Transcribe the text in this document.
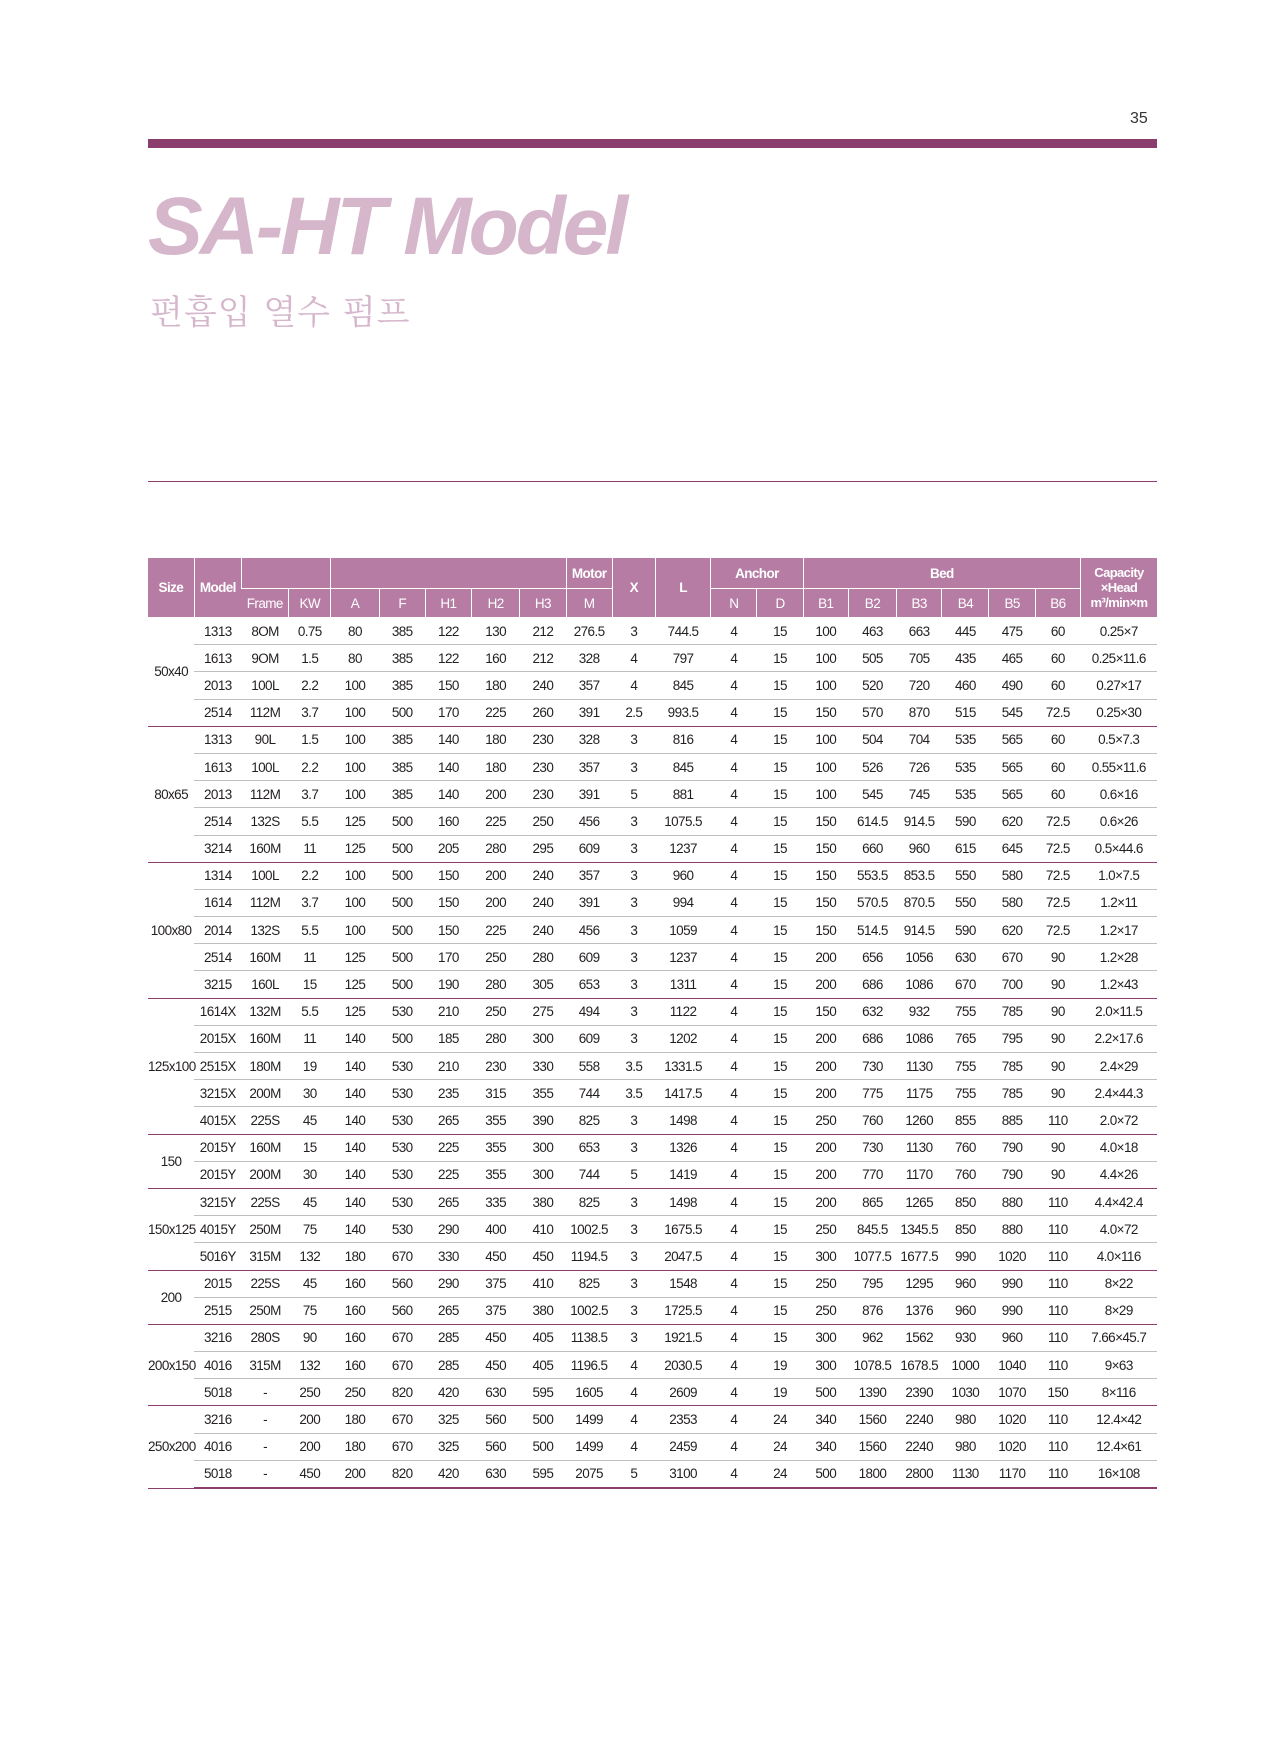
35
SA-HT Model
편흡입 열수 펌프
Size	Model								Motor	X	L	Anchor		Bed						Capacity
×Head
m³/min×m

		Frame	KW	A	F	H1	H2	H3	M			N	D	B1	B2	B3	B4	B5	B6	
50x40	1313	8OM	0.75	80	385	122	130	212	276.5	3	744.5	4	15	100	463	663	445	475	60	0.25×7
	1613	9OM	1.5	80	385	122	160	212	328	4	797	4	15	100	505	705	435	465	60	0.25×11.6
	2013	100L	2.2	100	385	150	180	240	357	4	845	4	15	100	520	720	460	490	60	0.27×17
	2514	112M	3.7	100	500	170	225	260	391	2.5	993.5	4	15	150	570	870	515	545	72.5	0.25×30
80x65	1313	90L	1.5	100	385	140	180	230	328	3	816	4	15	100	504	704	535	565	60	0.5×7.3
	1613	100L	2.2	100	385	140	180	230	357	3	845	4	15	100	526	726	535	565	60	0.55×11.6
	2013	112M	3.7	100	385	140	200	230	391	5	881	4	15	100	545	745	535	565	60	0.6×16
	2514	132S	5.5	125	500	160	225	250	456	3	1075.5	4	15	150	614.5	914.5	590	620	72.5	0.6×26
	3214	160M	11	125	500	205	280	295	609	3	1237	4	15	150	660	960	615	645	72.5	0.5×44.6
100x80	1314	100L	2.2	100	500	150	200	240	357	3	960	4	15	150	553.5	853.5	550	580	72.5	1.0×7.5
	1614	112M	3.7	100	500	150	200	240	391	3	994	4	15	150	570.5	870.5	550	580	72.5	1.2×11
	2014	132S	5.5	100	500	150	225	240	456	3	1059	4	15	150	514.5	914.5	590	620	72.5	1.2×17
	2514	160M	11	125	500	170	250	280	609	3	1237	4	15	200	656	1056	630	670	90	1.2×28
	3215	160L	15	125	500	190	280	305	653	3	1311	4	15	200	686	1086	670	700	90	1.2×43
125x100	1614X	132M	5.5	125	530	210	250	275	494	3	1122	4	15	150	632	932	755	785	90	2.0×11.5
	2015X	160M	11	140	500	185	280	300	609	3	1202	4	15	200	686	1086	765	795	90	2.2×17.6
	2515X	180M	19	140	530	210	230	330	558	3.5	1331.5	4	15	200	730	1130	755	785	90	2.4×29
	3215X	200M	30	140	530	235	315	355	744	3.5	1417.5	4	15	200	775	1175	755	785	90	2.4×44.3
	4015X	225S	45	140	530	265	355	390	825	3	1498	4	15	250	760	1260	855	885	110	2.0×72
150	2015Y	160M	15	140	530	225	355	300	653	3	1326	4	15	200	730	1130	760	790	90	4.0×18
	2015Y	200M	30	140	530	225	355	300	744	5	1419	4	15	200	770	1170	760	790	90	4.4×26
150x125	3215Y	225S	45	140	530	265	335	380	825	3	1498	4	15	200	865	1265	850	880	110	4.4×42.4
	4015Y	250M	75	140	530	290	400	410	1002.5	3	1675.5	4	15	250	845.5	1345.5	850	880	110	4.0×72
	5016Y	315M	132	180	670	330	450	450	1194.5	3	2047.5	4	15	300	1077.5	1677.5	990	1020	110	4.0×116
200	2015	225S	45	160	560	290	375	410	825	3	1548	4	15	250	795	1295	960	990	110	8×22
	2515	250M	75	160	560	265	375	380	1002.5	3	1725.5	4	15	250	876	1376	960	990	110	8×29
200x150	3216	280S	90	160	670	285	450	405	1138.5	3	1921.5	4	15	300	962	1562	930	960	110	7.66×45.7
	4016	315M	132	160	670	285	450	405	1196.5	4	2030.5	4	19	300	1078.5	1678.5	1000	1040	110	9×63
	5018	-	250	250	820	420	630	595	1605	4	2609	4	19	500	1390	2390	1030	1070	150	8×116
250x200	3216	-	200	180	670	325	560	500	1499	4	2353	4	24	340	1560	2240	980	1020	110	12.4×42
	4016	-	200	180	670	325	560	500	1499	4	2459	4	24	340	1560	2240	980	1020	110	12.4×61
	5018	-	450	200	820	420	630	595	2075	5	3100	4	24	500	1800	2800	1130	1170	110	16×108
